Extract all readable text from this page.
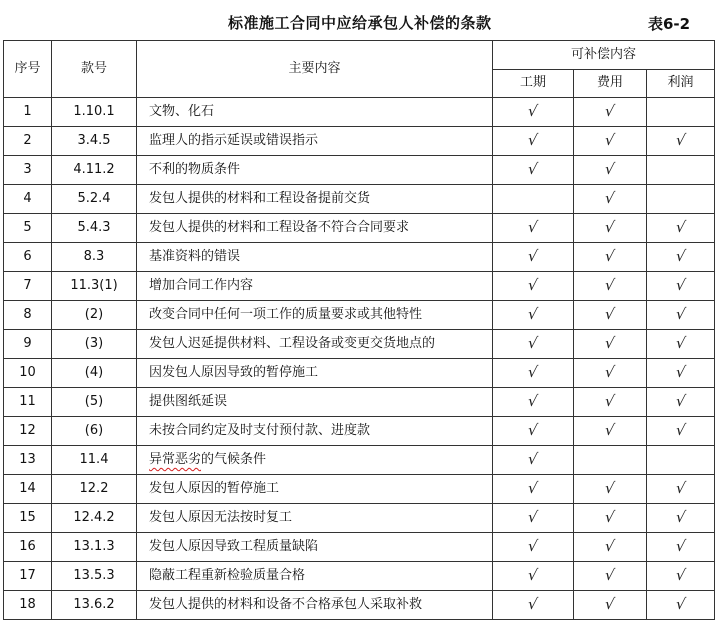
标准施工合同中应给承包人补偿的条款	表6-2
序号	款号	主要内容	可补偿内容		
			工期	费用	利润
1	1.10.1	文物、化石	√	√	
2	3.4.5	监理人的指示延误或错误指示	√	√	√
3	4.11.2	不利的物质条件	√	√	
4	5.2.4	发包人提供的材料和工程设备提前交货		√	
5	5.4.3	发包人提供的材料和工程设备不符合合同要求	√	√	√
6	8.3	基准资料的错误	√	√	√
7	11.3(1)	增加合同工作内容	√	√	√
8	(2)	改变合同中任何一项工作的质量要求或其他特性	√	√	√
9	(3)	发包人迟延提供材料、工程设备或变更交货地点的	√	√	√
10	(4)	因发包人原因导致的暂停施工	√	√	√
11	(5)	提供图纸延误	√	√	√
12	(6)	未按合同约定及时支付预付款、进度款	√	√	√
13	11.4	异常恶劣的气候条件	√		
14	12.2	发包人原因的暂停施工	√	√	√
15	12.4.2	发包人原因无法按时复工	√	√	√
16	13.1.3	发包人原因导致工程质量缺陷	√	√	√
17	13.5.3	隐蔽工程重新检验质量合格	√	√	√
18	13.6.2	发包人提供的材料和设备不合格承包人采取补救	√	√	√
